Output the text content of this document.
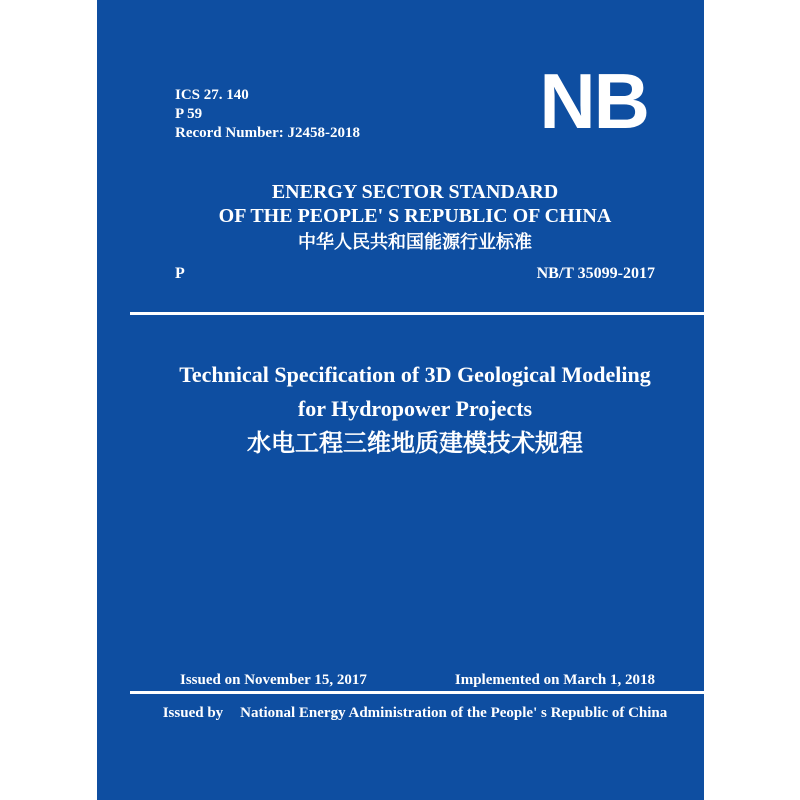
ICS 27. 140
P 59
Record Number: J2458-2018 NB
ENERGY SECTOR STANDARD
OF THE PEOPLE' S REPUBLIC OF CHINA
中华人民共和国能源行业标准
P	NB/T 35099-2017
Technical Specification of 3D Geological Modeling
for Hydropower Projects
水电工程三维地质建模技术规程
Issued on November 15, 2017	Implemented on March 1, 2018
Issued by National Energy Administration of the People' s Republic of China
